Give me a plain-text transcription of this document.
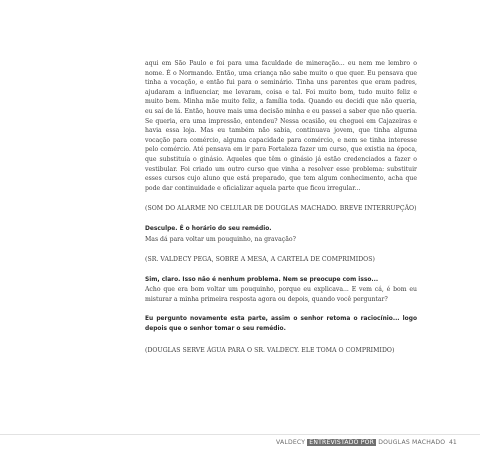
aqui em São Paulo e foi para uma faculdade de mineração... eu nem me lembro o nome. É o Normando. Então, uma criança não sabe muito o que quer. Eu pensava que tinha a vocação, e então fui para o seminário. Tinha uns parentes que eram padres, ajudaram a influenciar, me levaram, coisa e tal. Foi muito bom, tudo muito feliz e muito bem. Minha mãe muito feliz, a família toda. Quando eu decidi que não queria, eu saí de lá. Então, houve mais uma decisão minha e eu passei a saber que não queria. Se queria, era uma impressão, entendeu? Nessa ocasião, eu cheguei em Cajazeiras e havia essa loja. Mas eu também não sabia, continuava jovem, que tinha alguma vocação para comércio, alguma capacidade para comércio, e nem se tinha interesse pelo comércio. Até pensava em ir para Fortaleza fazer um curso, que existia na época, que substituía o ginásio. Aqueles que têm o ginásio já estão credenciados a fazer o vestibular. Foi criado um outro curso que vinha a resolver esse problema: substituir esses cursos cujo aluno que está preparado, que tem algum conhecimento, acha que pode dar continuidade e oficializar aquela parte que ficou irregular...

(SOM DO ALARME NO CELULAR DE DOUGLAS MACHADO. BREVE INTERRUPÇÃO)

Desculpe. É o horário do seu remédio.

Mas dá para voltar um pouquinho, na gravação?

(SR. VALDECY PEGA, SOBRE A MESA, A CARTELA DE COMPRIMIDOS)

Sim, claro. Isso não é nenhum problema. Nem se preocupe com isso...

Acho que era bom voltar um pouquinho, porque eu explicava... E vem cá, é bom eu misturar a minha primeira resposta agora ou depois, quando você perguntar?

Eu pergunto novamente esta parte, assim o senhor retoma o raciocínio... logo depois que o senhor tomar o seu remédio.

(DOUGLAS SERVE ÁGUA PARA O SR. VALDECY. ELE TOMA O COMPRIMIDO)

VALDECY ENTREVISTADO POR DOUGLAS MACHADO 41
